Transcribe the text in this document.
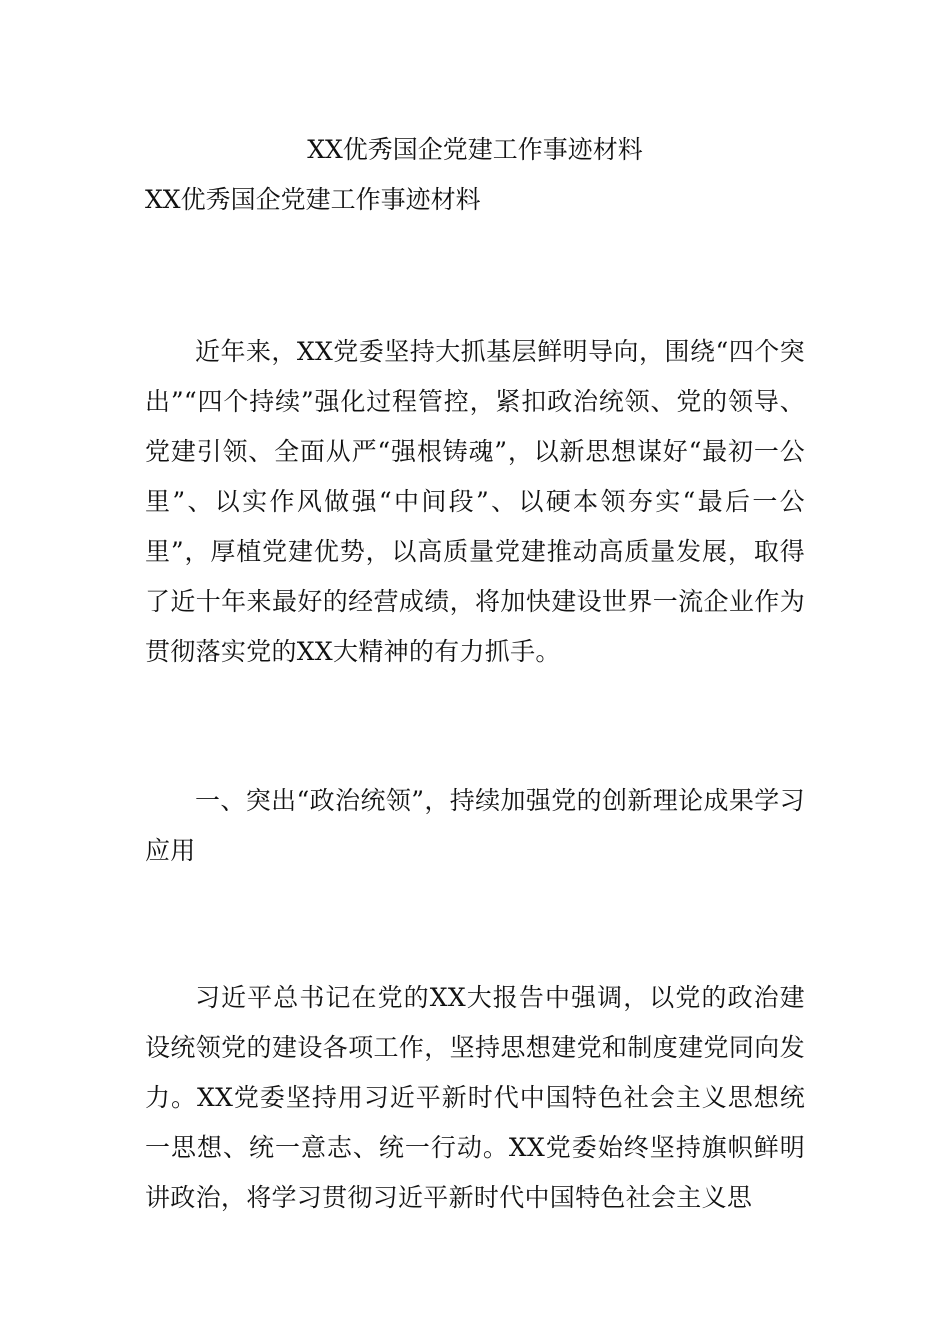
XX优秀国企党建工作事迹材料
XX优秀国企党建工作事迹材料

近年来，XX党委坚持大抓基层鲜明导向，围绕“四个突出”“四个持续”强化过程管控，紧扣政治统领、党的领导、党建引领、全面从严“强根铸魂”，以新思想谋好“最初一公里”、以实作风做强“中间段”、以硬本领夯实“最后一公里”，厚植党建优势，以高质量党建推动高质量发展，取得了近十年来最好的经营成绩，将加快建设世界一流企业作为贯彻落实党的XX大精神的有力抓手。

一、突出“政治统领”，持续加强党的创新理论成果学习应用

习近平总书记在党的XX大报告中强调，以党的政治建设统领党的建设各项工作，坚持思想建党和制度建党同向发力。XX党委坚持用习近平新时代中国特色社会主义思想统一思想、统一意志、统一行动。XX党委始终坚持旗帜鲜明讲政治，将学习贯彻习近平新时代中国特色社会主义思
